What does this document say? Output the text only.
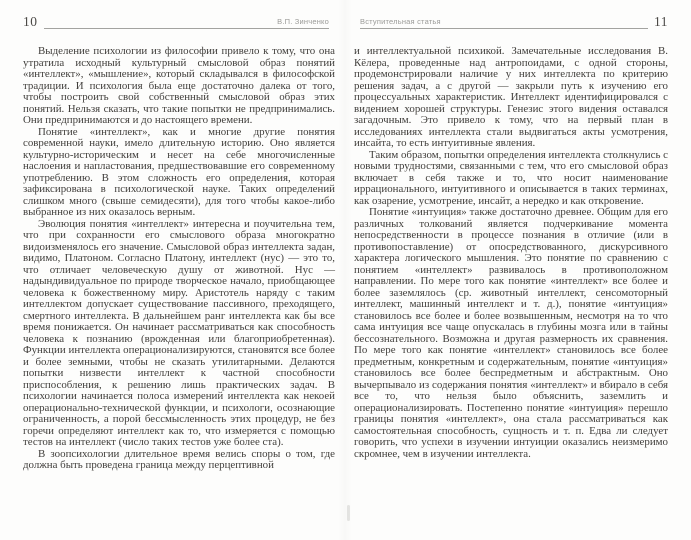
10	В.П. Зинченко

Выделение психологии из философии привело к тому, что она утратила исходный культурный смысловой образ понятий «интеллект», «мышление», который складывался в философской традиции. И психология была еще достаточно далека от того, чтобы построить свой собственный смысловой образ этих понятий. Нельзя сказать, что такие попытки не предпринимались. Они предпринимаются и до настоящего времени.

Понятие «интеллект», как и многие другие понятия современной науки, имело длительную историю. Оно является культурно-историческим и несет на себе многочисленные наслоения и напластования, предшествовавшие его современному употреблению. В этом сложность его определения, которая зафиксирована в психологической науке. Таких определений слишком много (свыше семидесяти), для того чтобы какое-либо выбранное из них оказалось верным.

Эволюция понятия «интеллект» интересна и поучительна тем, что при сохранности его смыслового образа многократно видоизменялось его значение. Смысловой образ интеллекта задан, видимо, Платоном. Согласно Платону, интеллект (нус) — это то, что отличает человеческую душу от животной. Нус — надындивидуальное по природе творческое начало, приобщающее человека к божественному миру. Аристотель наряду с таким интеллектом допускает существование пассивного, преходящего, смертного интеллекта. В дальнейшем ранг интеллекта как бы все время понижается. Он начинает рассматриваться как способность человека к познанию (врожденная или благоприобретенная). Функции интеллекта операционализируются, становятся все более и более земными, чтобы не сказать утилитарными. Делаются попытки низвести интеллект к частной способности приспособления, к решению лишь практических задач. В психологии начинается полоса измерений интеллекта как некоей операционально-технической функции, и психологи, осознающие ограниченность, а порой бессмысленность этих процедур, не без горечи определяют интеллект как то, что измеряется с помощью тестов на интеллект (число таких тестов уже более ста).

В зоопсихологии длительное время велись споры о том, где должна быть проведена граница между перцептивной

Вступительная статья	11

и интеллектуальной психикой. Замечательные исследования В. Кёлера, проведенные над антропоидами, с одной стороны, продемонстрировали наличие у них интеллекта по критерию решения задач, а с другой — закрыли путь к изучению его процессуальных характеристик. Интеллект идентифицировался с видением хорошей структуры. Генезис этого видения оставался загадочным. Это привело к тому, что на первый план в исследованиях интеллекта стали выдвигаться акты усмотрения, инсайта, то есть интуитивные явления.

Таким образом, попытки определения интеллекта столкнулись с новыми трудностями, связанными с тем, что его смысловой образ включает в себя также и то, что носит наименование иррационального, интуитивного и описывается в таких терминах, как озарение, усмотрение, инсайт, а нередко и как откровение.

Понятие «интуиция» также достаточно древнее. Общим для его различных толкований является подчеркивание момента непосредственности в процессе познания в отличие (или в противопоставление) от опосредствованного, дискурсивного характера логического мышления. Это понятие по сравнению с понятием «интеллект» развивалось в противоположном направлении. По мере того как понятие «интеллект» все более и более заземлялось (ср. животный интеллект, сенсомоторный интеллект, машинный интеллект и т. д.), понятие «интуиция» становилось все более и более возвышенным, несмотря на то что сама интуиция все чаще опускалась в глубины мозга или в тайны бессознательного. Возможна и другая размерность их сравнения. По мере того как понятие «интеллект» становилось все более предметным, конкретным и содержательным, понятие «интуиция» становилось все более беспредметным и абстрактным. Оно вычерпывало из содержания понятия «интеллект» и вбирало в себя все то, что нельзя было объяснить, заземлить и операционализировать. Постепенно понятие «интуиция» перешло границы понятия «интеллект», она стала рассматриваться как самостоятельная способность, сущность и т. п. Едва ли следует говорить, что успехи в изучении интуиции оказались неизмеримо скромнее, чем в изучении интеллекта.
